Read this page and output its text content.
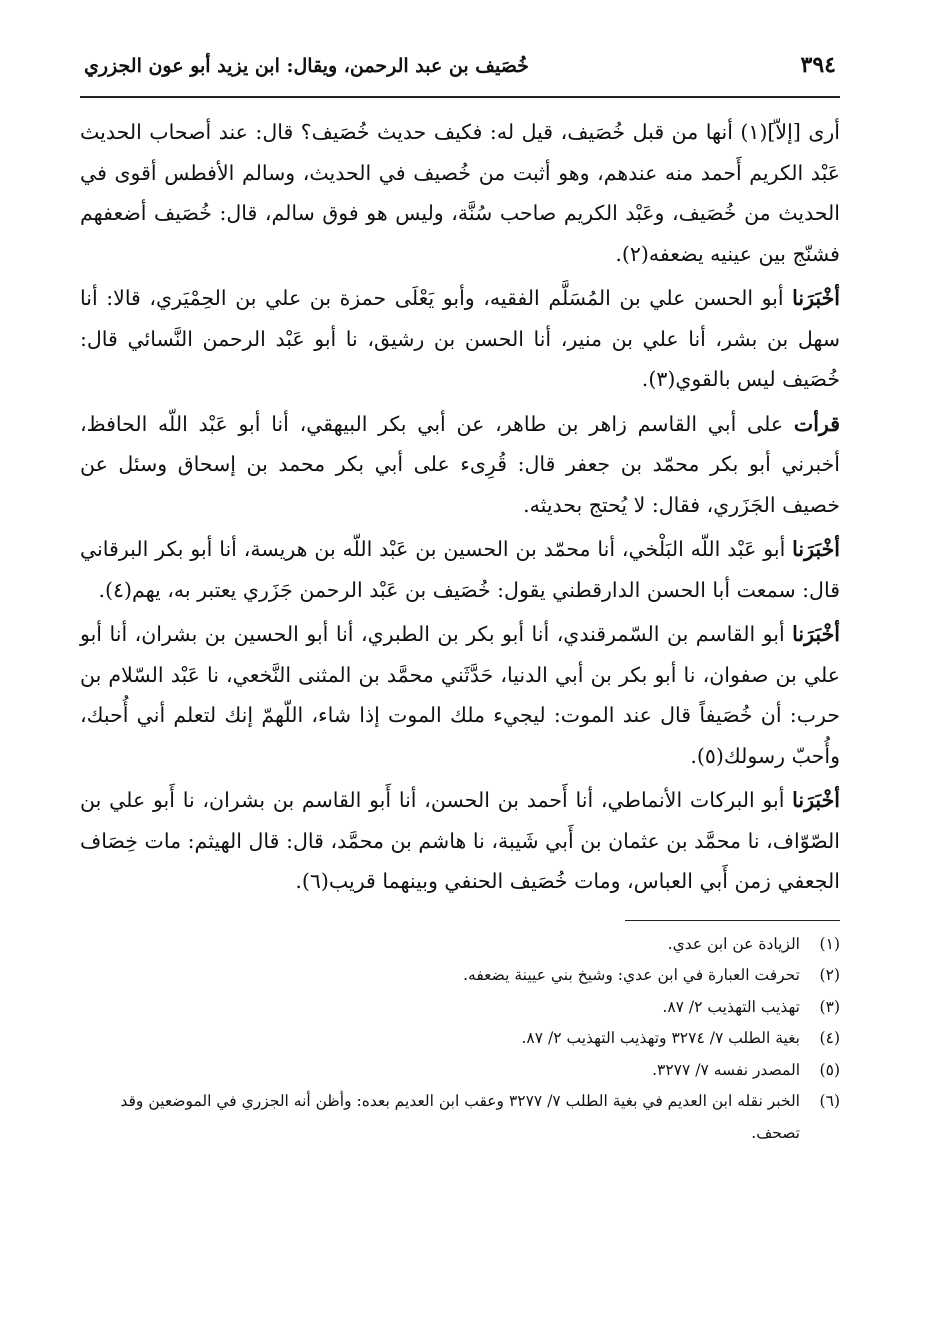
٣٩٤
خُصَيف بن عبد الرحمن، ويقال: ابن يزيد أبو عون الجزري

أرى [إلاّ](١) أنها من قبل خُصَيف، قيل له: فكيف حديث خُصَيف؟ قال: عند أصحاب الحديث عَبْد الكريم أَحمد منه عندهم، وهو أثبت من خُصيف في الحديث، وسالم الأفطس أقوى في الحديث من خُصَيف، وعَبْد الكريم صاحب سُنَّة، وليس هو فوق سالم، قال: خُصَيف أضعفهم فشنّج بين عينيه يضعفه(٢).

أخْبَرَنا أبو الحسن علي بن المُسَلَّم الفقيه، وأبو يَعْلَى حمزة بن علي بن الحِمْيَري، قالا: أنا سهل بن بشر، أنا علي بن منير، أنا الحسن بن رشيق، نا أبو عَبْد الرحمن النَّسائي قال: خُصَيف ليس بالقوي(٣).

قرأت على أبي القاسم زاهر بن طاهر، عن أبي بكر البيهقي، أنا أبو عَبْد اللّه الحافظ، أخبرني أبو بكر محمّد بن جعفر قال: قُرِىء على أبي بكر محمد بن إسحاق وسئل عن خصيف الجَزَري، فقال: لا يُحتج بحديثه.

أخْبَرَنا أبو عَبْد اللّه البَلْخي، أنا محمّد بن الحسين بن عَبْد اللّه بن هريسة، أنا أبو بكر البرقاني قال: سمعت أبا الحسن الدارقطني يقول: خُصَيف بن عَبْد الرحمن جَزَري يعتبر به، يهم(٤).

أخْبَرَنا أبو القاسم بن السّمرقندي، أنا أبو بكر بن الطبري، أنا أبو الحسين بن بشران، أنا أبو علي بن صفوان، نا أبو بكر بن أبي الدنيا، حَدَّثَني محمَّد بن المثنى النَّخعي، نا عَبْد السّلام بن حرب: أن خُصَيفاً قال عند الموت: ليجيء ملك الموت إذا شاء، اللّهمّ إنك لتعلم أني أُحبك، وأُحبّ رسولك(٥).

أخْبَرَنا أبو البركات الأنماطي، أنا أَحمد بن الحسن، أنا أَبو القاسم بن بشران، نا أَبو علي بن الصّوّاف، نا محمَّد بن عثمان بن أَبي شَيبة، نا هاشم بن محمَّد، قال: قال الهيثم: مات خِصَاف الجعفي زمن أَبي العباس، ومات خُصَيف الحنفي وبينهما قريب(٦).

(١)
الزيادة عن ابن عدي.
(٢)
تحرفت العبارة في ابن عدي: وشيخ بني عيينة يضعفه.
(٣)
تهذيب التهذيب ٢/ ٨٧.
(٤)
بغية الطلب ٧/ ٣٢٧٤ وتهذيب التهذيب ٢/ ٨٧.
(٥)
المصدر نفسه ٧/ ٣٢٧٧.
(٦)
الخبر نقله ابن العديم في بغية الطلب ٧/ ٣٢٧٧ وعقب ابن العديم بعده: وأظن أنه الجزري في الموضعين وقد تصحف.
